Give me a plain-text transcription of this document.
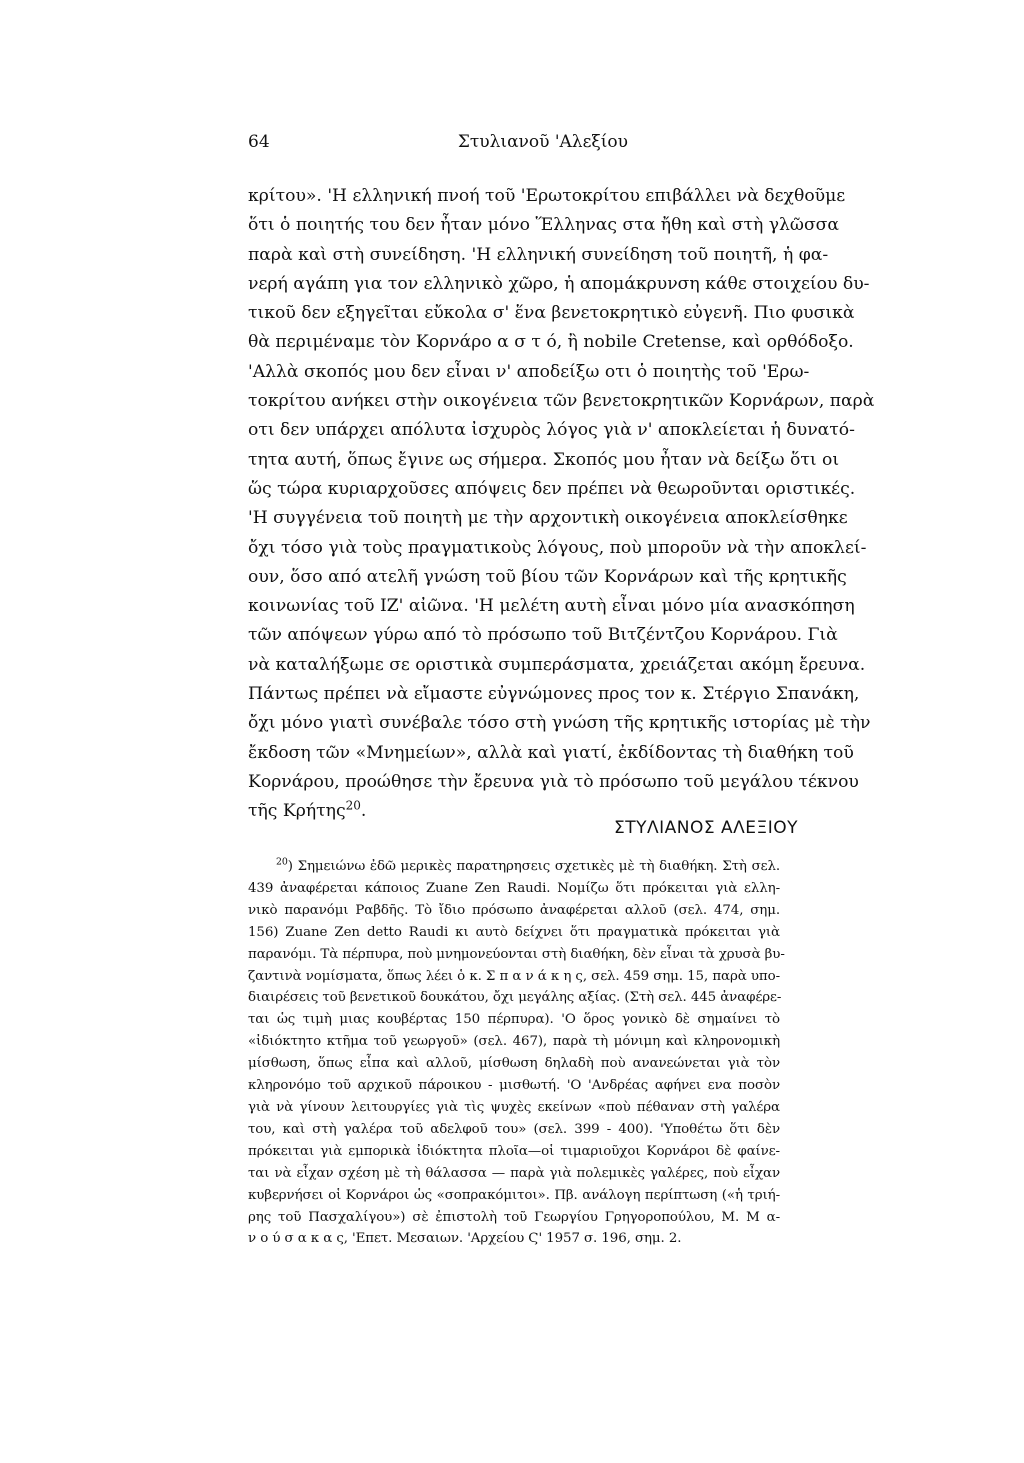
64	Στυλιανοῦ 'Αλεξίου
κρίτου». 'Η ελληνική πνοή τοῦ 'Ερωτοκρίτου επιβάλλει νὰ δεχθοῦμε
ὅτι ὁ ποιητής του δεν ἦταν μόνο Ἕλληνας στα ἤθη καὶ στὴ γλῶσσα
παρὰ καὶ στὴ συνείδηση. 'Η ελληνική συνείδηση τοῦ ποιητῆ, ἡ φα-
νερή αγάπη για τον ελληνικὸ χῶρο, ἡ απομάκρυνση κάθε στοιχείου δυ-
τικοῦ δεν εξηγεῖται εὔκολα σ' ἕνα βενετοκρητικὸ εὐγενῆ. Πιο φυσικὰ
θὰ περιμέναμε τὸν Κορνάρο α σ τ ό, ἢ nobile Cretense, καὶ ορθόδοξο.
'Αλλὰ σκοπός μου δεν εἶναι ν' αποδείξω οτι ὁ ποιητὴς τοῦ 'Ερω-
τοκρίτου ανήκει στὴν οικογένεια τῶν βενετοκρητικῶν Κορνάρων, παρὰ
οτι δεν υπάρχει απόλυτα ἰσχυρὸς λόγος γιὰ ν' αποκλείεται ἡ δυνατό-
τητα αυτή, ὅπως ἔγινε ως σήμερα. Σκοπός μου ἦταν νὰ δείξω ὅτι οι
ὥς τώρα κυριαρχοῦσες απόψεις δεν πρέπει νὰ θεωροῦνται οριστικές.
'Η συγγένεια τοῦ ποιητὴ με τὴν αρχοντικὴ οικογένεια αποκλείσθηκε
ὄχι τόσο γιὰ τοὺς πραγματικοὺς λόγους, ποὺ μποροῦν νὰ τὴν αποκλεί-
ουν, ὅσο από ατελῆ γνώση τοῦ βίου τῶν Κορνάρων καὶ τῆς κρητικῆς
κοινωνίας τοῦ ΙΖ' αἰῶνα. 'Η μελέτη αυτὴ εἶναι μόνο μία ανασκόπηση
τῶν απόψεων γύρω από τὸ πρόσωπο τοῦ Βιτζέντζου Κορνάρου. Γιὰ
νὰ καταλήξωμε σε οριστικὰ συμπεράσματα, χρειάζεται ακόμη ἔρευνα.
Πάντως πρέπει νὰ εἴμαστε εὐγνώμονες προς τον κ. Στέργιο Σπανάκη,
ὄχι μόνο γιατὶ συνέβαλε τόσο στὴ γνώση τῆς κρητικῆς ιστορίας μὲ τὴν
ἔκδοση τῶν «Μνημείων», αλλὰ καὶ γιατί, ἐκδίδοντας τὴ διαθήκη τοῦ
Κορνάρου, προώθησε τὴν ἔρευνα γιὰ τὸ πρόσωπο τοῦ μεγάλου τέκνου
τῆς Κρήτης$^{20}$.
ΣΤΥΛΙΑΝΟΣ ΑΛΕΞΙΟΥ
$^{20}$) Σημειώνω ἐδῶ μερικὲς παρατηρησεις σχετικὲς μὲ τὴ διαθήκη. Στὴ σελ.
439 ἀναφέρεται κάποιος Zuane Zen Raudi. Νομίζω ὅτι πρόκειται γιὰ ελλη-
νικὸ παρανόμι Ραβδῆς. Τὸ ἴδιο πρόσωπο ἀναφέρεται αλλοῦ (σελ. 474, σημ.
156) Zuane Zen detto Raudi κι αυτὸ δείχνει ὅτι πραγματικὰ πρόκειται γιὰ
παρανόμι. Τὰ πέρπυρα, ποὺ μνημονεύονται στὴ διαθήκη, δὲν εἶναι τὰ χρυσὰ βυ-
ζαντινὰ νομίσματα, ὅπως λέει ὁ κ. Σ π α ν ά κ η ς, σελ. 459 σημ. 15, παρὰ υπο-
διαιρέσεις τοῦ βενετικοῦ δουκάτου, ὄχι μεγάλης αξίας. (Στὴ σελ. 445 ἀναφέρε-
ται ὡς τιμὴ μιας κουβέρτας 150 πέρπυρα). 'Ο ὅρος γονικὸ δὲ σημαίνει τὸ
«ἰδιόκτητο κτῆμα τοῦ γεωργοῦ» (σελ. 467), παρὰ τὴ μόνιμη καὶ κληρονομικὴ
μίσθωση, ὅπως εἶπα καὶ αλλοῦ, μίσθωση δηλαδὴ ποὺ ανανεώνεται γιὰ τὸν
κληρονόμο τοῦ αρχικοῦ πάροικου - μισθωτή. 'Ο 'Ανδρέας αφήνει ενα ποσὸν
γιὰ νὰ γίνουν λειτουργίες γιὰ τὶς ψυχὲς εκείνων «ποὺ πέθαναν στὴ γαλέρα
του, καὶ στὴ γαλέρα τοῦ αδελφοῦ του» (σελ. 399 - 400). 'Υποθέτω ὅτι δὲν
πρόκειται γιὰ εμπορικὰ ἰδιόκτητα πλοῖα—οἱ τιμαριοῦχοι Κορνάροι δὲ φαίνε-
ται νὰ εἶχαν σχέση μὲ τὴ θάλασσα — παρὰ γιὰ πολεμικὲς γαλέρες, ποὺ εἶχαν
κυβερνήσει οἱ Κορνάροι ὡς «σοπρακόμιτοι». Πβ. ανάλογη περίπτωση («ἡ τριή-
ρης τοῦ Πασχαλίγου») σὲ ἐπιστολὴ τοῦ Γεωργίου Γρηγοροπούλου, Μ. Μ α-
ν ο ύ σ α κ α ς, 'Επετ. Μεσαιων. 'Αρχείου Ϛ' 1957 σ. 196, σημ. 2.
